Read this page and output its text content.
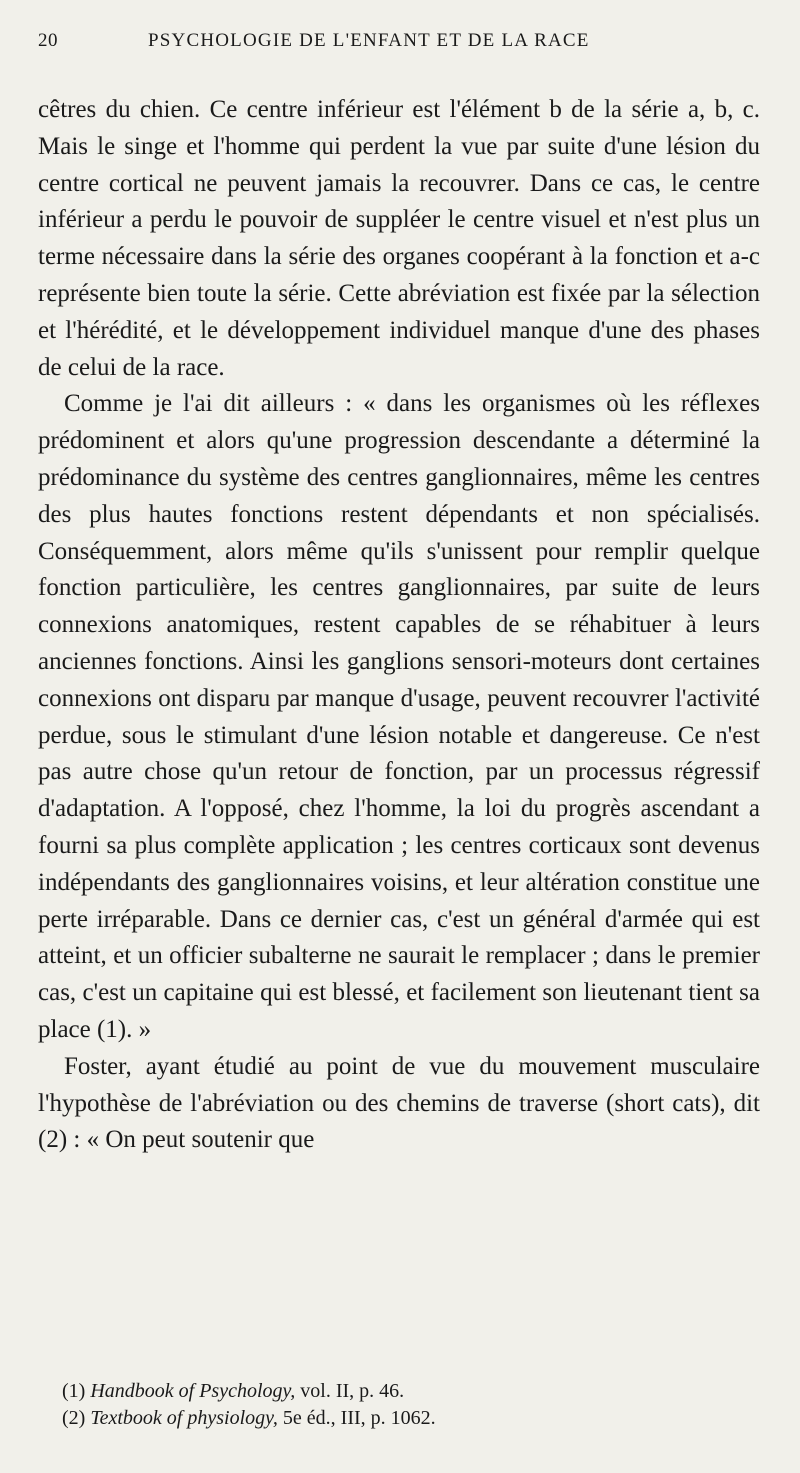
20	PSYCHOLOGIE DE L'ENFANT ET DE LA RACE

cêtres du chien. Ce centre inférieur est l'élément b de la série a, b, c. Mais le singe et l'homme qui perdent la vue par suite d'une lésion du centre cortical ne peuvent jamais la recouvrer. Dans ce cas, le centre inférieur a perdu le pouvoir de suppléer le centre visuel et n'est plus un terme nécessaire dans la série des organes coopérant à la fonction et a-c représente bien toute la série. Cette abréviation est fixée par la sélection et l'hérédité, et le développement individuel manque d'une des phases de celui de la race.

Comme je l'ai dit ailleurs : « dans les organismes où les réflexes prédominent et alors qu'une progression descendante a déterminé la prédominance du système des centres ganglionnaires, même les centres des plus hautes fonctions restent dépendants et non spécialisés. Conséquemment, alors même qu'ils s'unissent pour remplir quelque fonction particulière, les centres ganglionnaires, par suite de leurs connexions anatomiques, restent capables de se réhabituer à leurs anciennes fonctions. Ainsi les ganglions sensori-moteurs dont certaines connexions ont disparu par manque d'usage, peuvent recouvrer l'activité perdue, sous le stimulant d'une lésion notable et dangereuse. Ce n'est pas autre chose qu'un retour de fonction, par un processus régressif d'adaptation. A l'opposé, chez l'homme, la loi du progrès ascendant a fourni sa plus complète application ; les centres corticaux sont devenus indépendants des ganglionnaires voisins, et leur altération constitue une perte irréparable. Dans ce dernier cas, c'est un général d'armée qui est atteint, et un officier subalterne ne saurait le remplacer ; dans le premier cas, c'est un capitaine qui est blessé, et facilement son lieutenant tient sa place (1). »

Foster, ayant étudié au point de vue du mouvement musculaire l'hypothèse de l'abréviation ou des chemins de traverse (short cats), dit (2) : « On peut soutenir que

(1) Handbook of Psychology, vol. II, p. 46.
(2) Textbook of physiology, 5e éd., III, p. 1062.
